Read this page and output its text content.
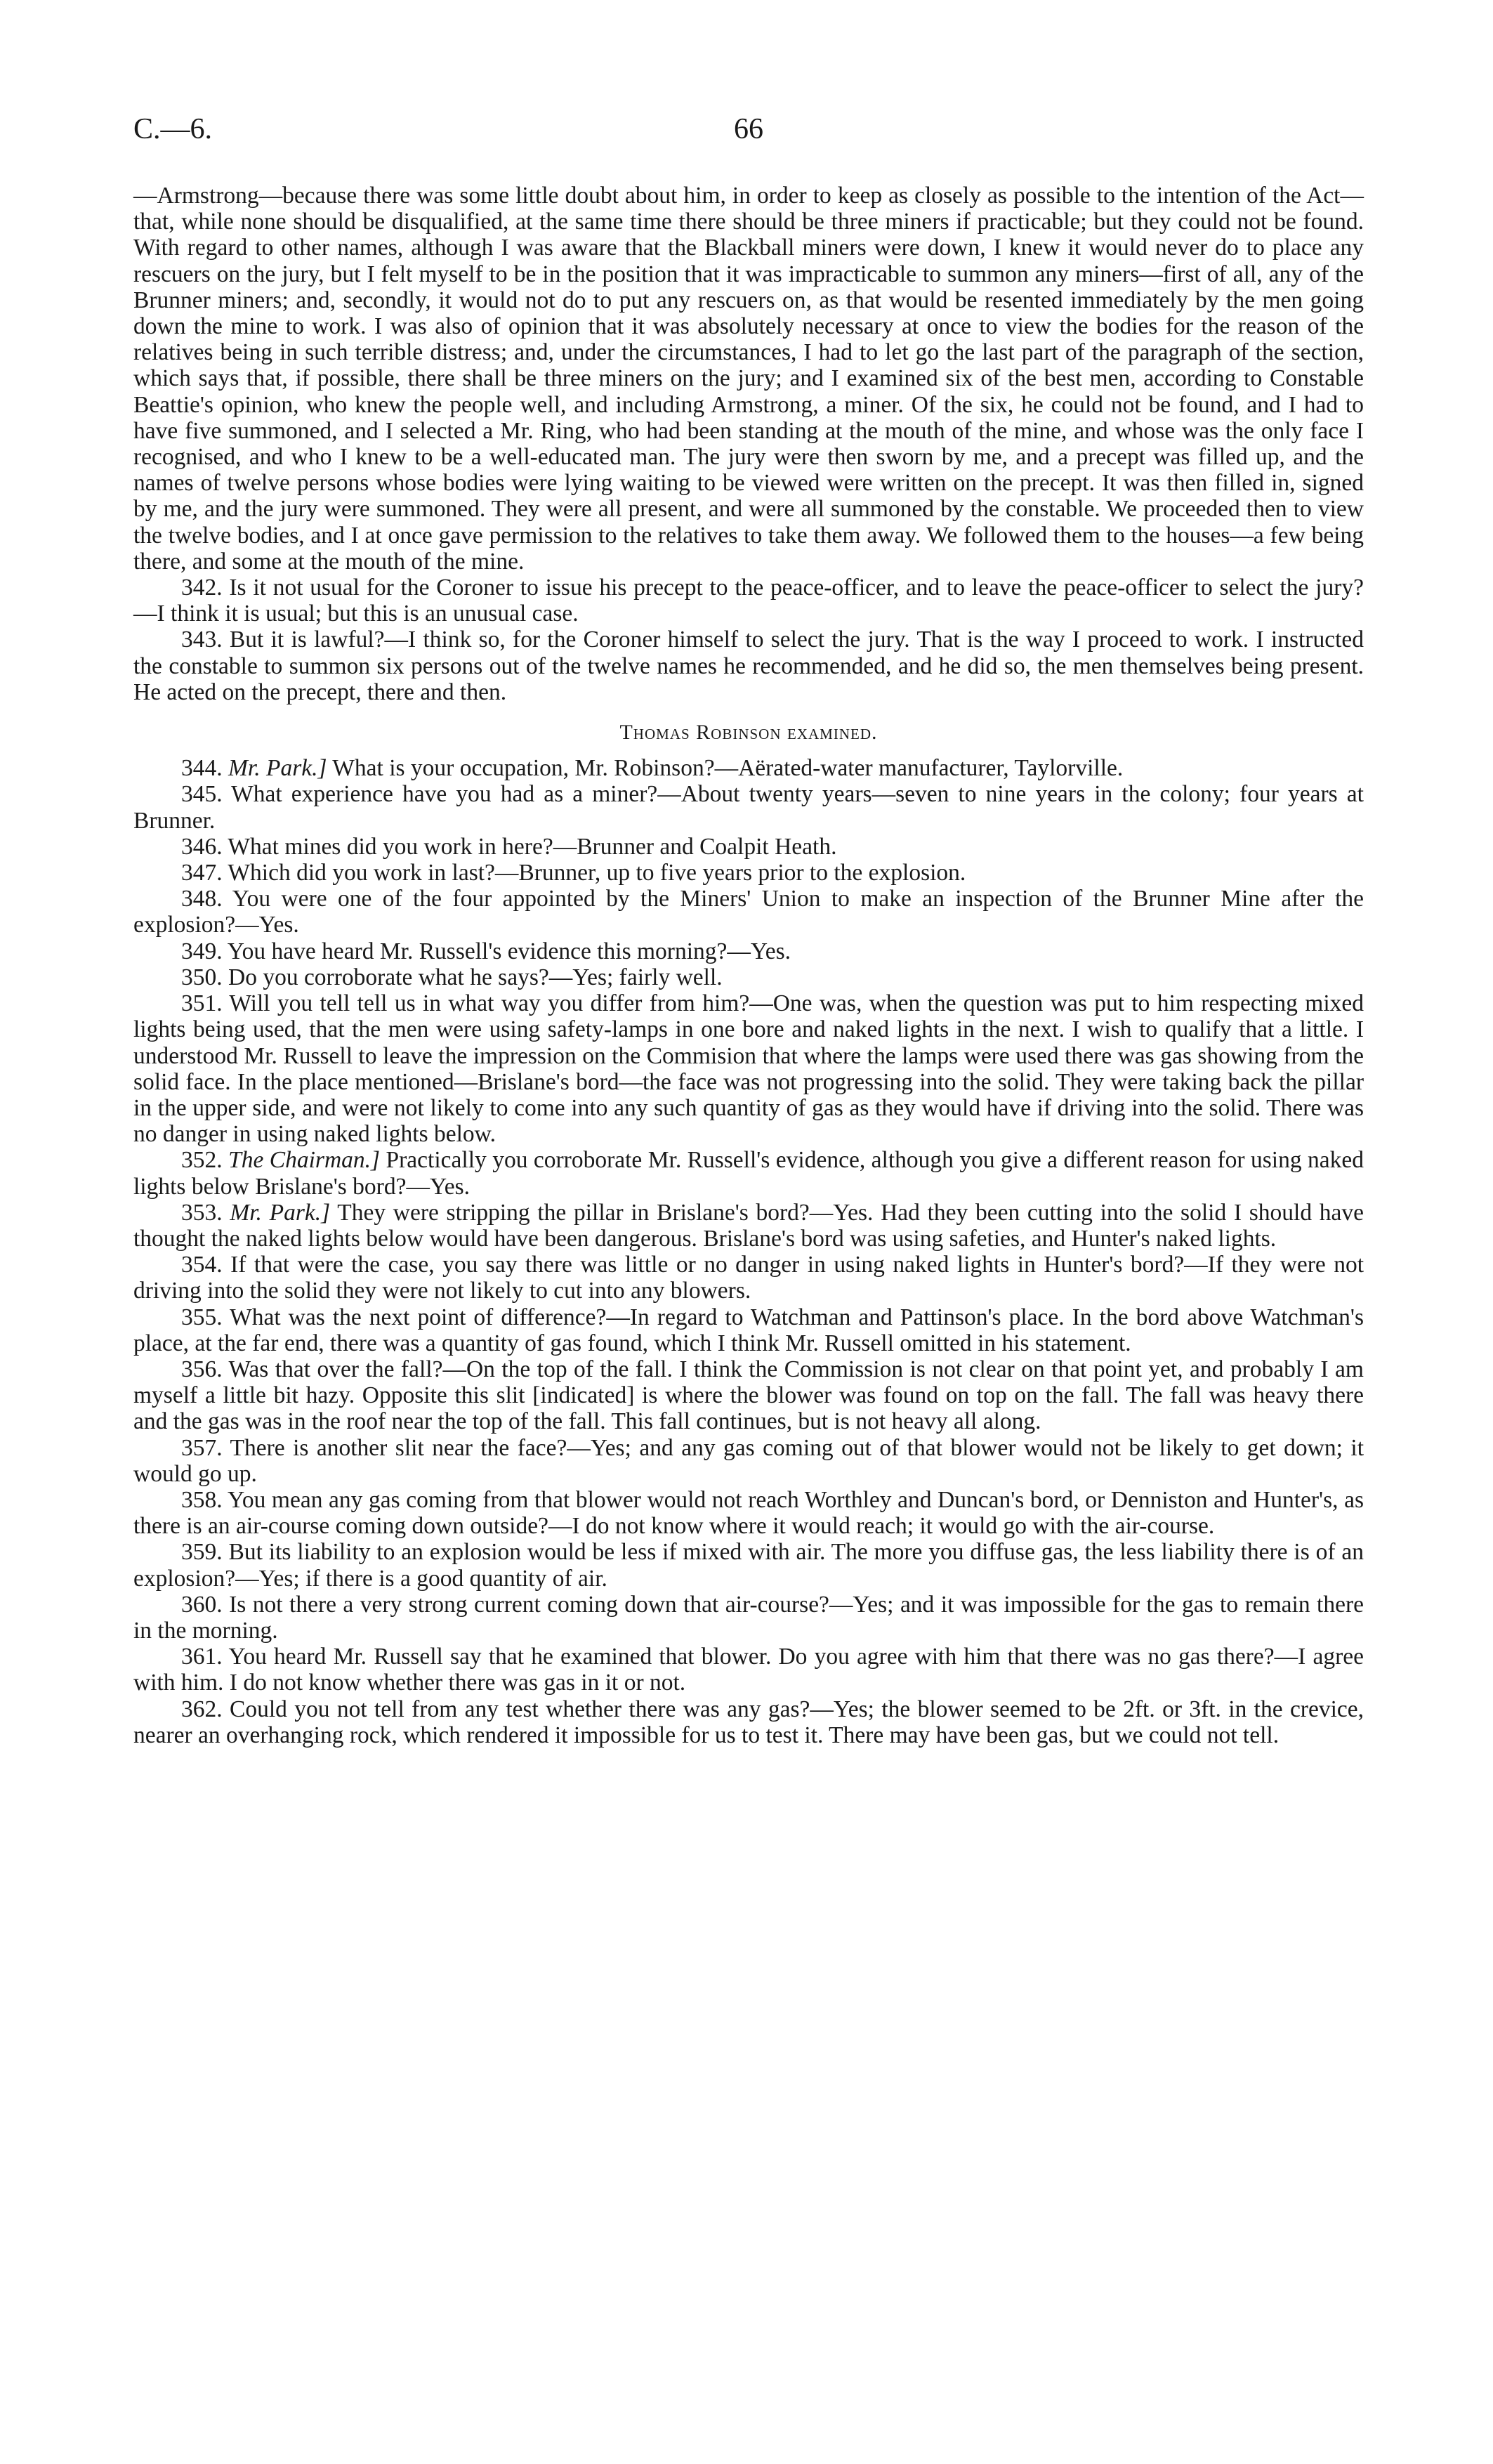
C.—6.	66

—Armstrong—because there was some little doubt about him, in order to keep as closely as possible to the intention of the Act—that, while none should be disqualified, at the same time there should be three miners if practicable; but they could not be found. With regard to other names, although I was aware that the Blackball miners were down, I knew it would never do to place any rescuers on the jury, but I felt myself to be in the position that it was impracticable to summon any miners—first of all, any of the Brunner miners; and, secondly, it would not do to put any rescuers on, as that would be resented immediately by the men going down the mine to work. I was also of opinion that it was absolutely necessary at once to view the bodies for the reason of the relatives being in such terrible distress; and, under the circumstances, I had to let go the last part of the paragraph of the section, which says that, if possible, there shall be three miners on the jury; and I examined six of the best men, according to Constable Beattie's opinion, who knew the people well, and including Armstrong, a miner. Of the six, he could not be found, and I had to have five summoned, and I selected a Mr. Ring, who had been standing at the mouth of the mine, and whose was the only face I recognised, and who I knew to be a well-educated man. The jury were then sworn by me, and a precept was filled up, and the names of twelve persons whose bodies were lying waiting to be viewed were written on the precept. It was then filled in, signed by me, and the jury were summoned. They were all present, and were all summoned by the constable. We proceeded then to view the twelve bodies, and I at once gave permission to the relatives to take them away. We followed them to the houses—a few being there, and some at the mouth of the mine.

342. Is it not usual for the Coroner to issue his precept to the peace-officer, and to leave the peace-officer to select the jury?—I think it is usual; but this is an unusual case.

343. But it is lawful?—I think so, for the Coroner himself to select the jury. That is the way I proceed to work. I instructed the constable to summon six persons out of the twelve names he recommended, and he did so, the men themselves being present. He acted on the precept, there and then.

Thomas Robinson examined.

344. Mr. Park.] What is your occupation, Mr. Robinson?—Aërated-water manufacturer, Taylorville.

345. What experience have you had as a miner?—About twenty years—seven to nine years in the colony; four years at Brunner.

346. What mines did you work in here?—Brunner and Coalpit Heath.

347. Which did you work in last?—Brunner, up to five years prior to the explosion.

348. You were one of the four appointed by the Miners' Union to make an inspection of the Brunner Mine after the explosion?—Yes.

349. You have heard Mr. Russell's evidence this morning?—Yes.

350. Do you corroborate what he says?—Yes; fairly well.

351. Will you tell tell us in what way you differ from him?—One was, when the question was put to him respecting mixed lights being used, that the men were using safety-lamps in one bore and naked lights in the next. I wish to qualify that a little. I understood Mr. Russell to leave the impression on the Commision that where the lamps were used there was gas showing from the solid face. In the place mentioned—Brislane's bord—the face was not progressing into the solid. They were taking back the pillar in the upper side, and were not likely to come into any such quantity of gas as they would have if driving into the solid. There was no danger in using naked lights below.

352. The Chairman.] Practically you corroborate Mr. Russell's evidence, although you give a different reason for using naked lights below Brislane's bord?—Yes.

353. Mr. Park.] They were stripping the pillar in Brislane's bord?—Yes. Had they been cutting into the solid I should have thought the naked lights below would have been dangerous. Brislane's bord was using safeties, and Hunter's naked lights.

354. If that were the case, you say there was little or no danger in using naked lights in Hunter's bord?—If they were not driving into the solid they were not likely to cut into any blowers.

355. What was the next point of difference?—In regard to Watchman and Pattinson's place. In the bord above Watchman's place, at the far end, there was a quantity of gas found, which I think Mr. Russell omitted in his statement.

356. Was that over the fall?—On the top of the fall. I think the Commission is not clear on that point yet, and probably I am myself a little bit hazy. Opposite this slit [indicated] is where the blower was found on top on the fall. The fall was heavy there and the gas was in the roof near the top of the fall. This fall continues, but is not heavy all along.

357. There is another slit near the face?—Yes; and any gas coming out of that blower would not be likely to get down; it would go up.

358. You mean any gas coming from that blower would not reach Worthley and Duncan's bord, or Denniston and Hunter's, as there is an air-course coming down outside?—I do not know where it would reach; it would go with the air-course.

359. But its liability to an explosion would be less if mixed with air. The more you diffuse gas, the less liability there is of an explosion?—Yes; if there is a good quantity of air.

360. Is not there a very strong current coming down that air-course?—Yes; and it was impossible for the gas to remain there in the morning.

361. You heard Mr. Russell say that he examined that blower. Do you agree with him that there was no gas there?—I agree with him. I do not know whether there was gas in it or not.

362. Could you not tell from any test whether there was any gas?—Yes; the blower seemed to be 2ft. or 3ft. in the crevice, nearer an overhanging rock, which rendered it impossible for us to test it. There may have been gas, but we could not tell.
